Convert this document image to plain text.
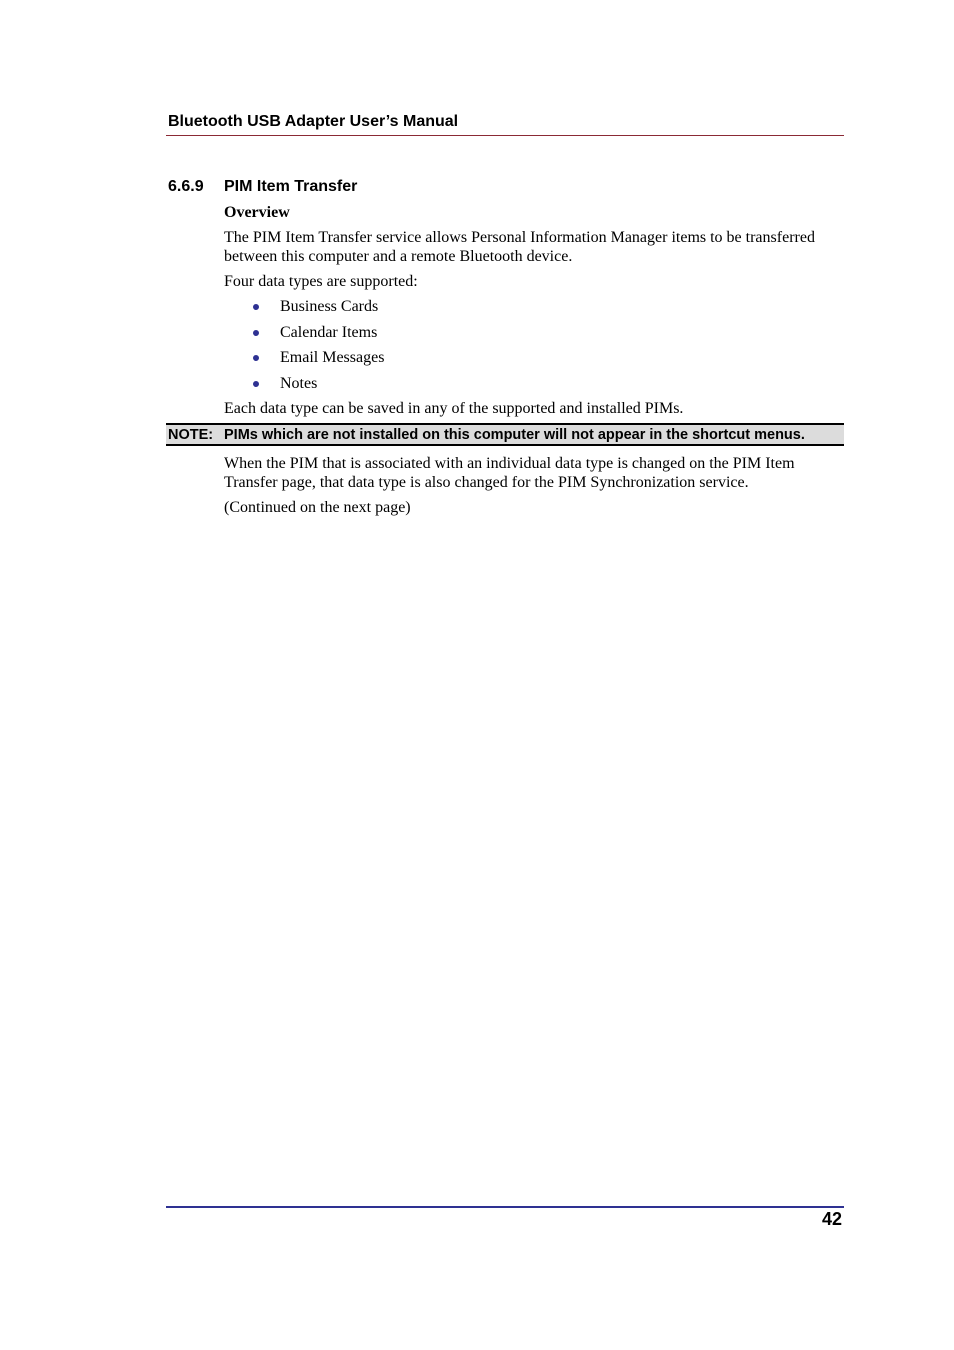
Bluetooth USB Adapter User’s Manual
6.6.9 PIM Item Transfer
Overview
The PIM Item Transfer service allows Personal Information Manager items to be transferred between this computer and a remote Bluetooth device.
Four data types are supported:
Business Cards
Calendar Items
Email Messages
Notes
Each data type can be saved in any of the supported and installed PIMs.
NOTE: PIMs which are not installed on this computer will not appear in the shortcut menus.
When the PIM that is associated with an individual data type is changed on the PIM Item Transfer page, that data type is also changed for the PIM Synchronization service.
(Continued on the next page)
42
